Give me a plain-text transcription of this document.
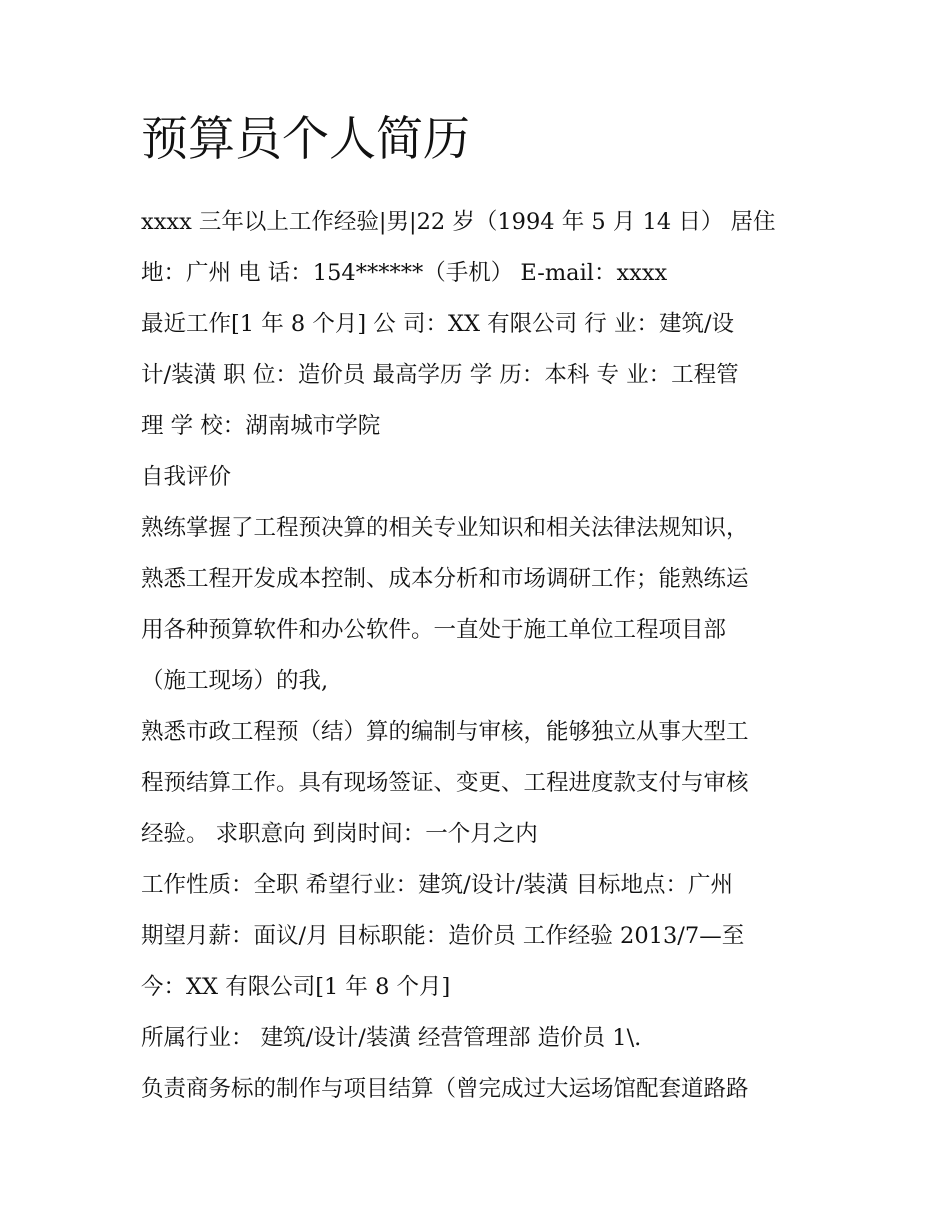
预算员个人简历
xxxx 三年以上工作经验|男|22 岁（1994 年 5 月 14 日） 居住
地：广州 电 话：154******（手机） E-mail：xxxx
最近工作[1 年 8 个月] 公 司：XX 有限公司 行 业：建筑/设
计/装潢 职 位：造价员 最高学历 学 历：本科 专 业：工程管
理 学 校：湖南城市学院
自我评价
熟练掌握了工程预决算的相关专业知识和相关法律法规知识，
熟悉工程开发成本控制、成本分析和市场调研工作；能熟练运
用各种预算软件和办公软件。一直处于施工单位工程项目部
（施工现场）的我,
熟悉市政工程预（结）算的编制与审核，能够独立从事大型工
程预结算工作。具有现场签证、变更、工程进度款支付与审核
经验。 求职意向 到岗时间：一个月之内
工作性质：全职 希望行业：建筑/设计/装潢 目标地点：广州
期望月薪：面议/月 目标职能：造价员 工作经验 2013/7—至
今：XX 有限公司[1 年 8 个月]
所属行业： 建筑/设计/装潢 经营管理部 造价员 1\.
负责商务标的制作与项目结算（曾完成过大运场馆配套道路路
